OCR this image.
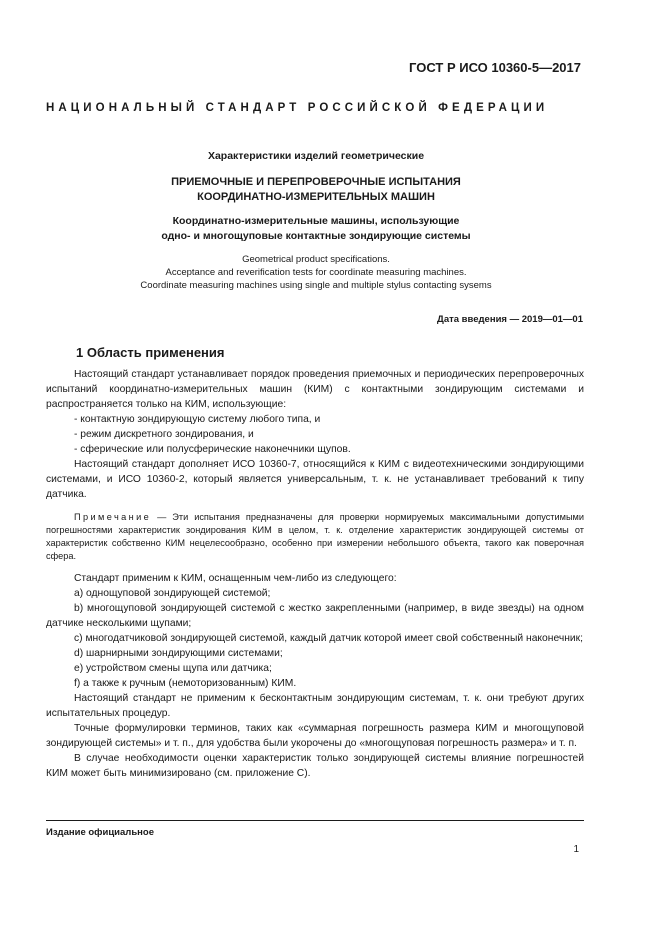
ГОСТ Р ИСО 10360-5—2017
НАЦИОНАЛЬНЫЙ СТАНДАРТ РОССИЙСКОЙ ФЕДЕРАЦИИ
Характеристики изделий геометрические
ПРИЕМОЧНЫЕ И ПЕРЕПРОВЕРОЧНЫЕ ИСПЫТАНИЯ
КООРДИНАТНО-ИЗМЕРИТЕЛЬНЫХ МАШИН
Координатно-измерительные машины, использующие
одно- и многощуповые контактные зондирующие системы
Geometrical product specifications.
Acceptance and reverification tests for coordinate measuring machines.
Coordinate measuring machines using single and multiple stylus contacting sysems
Дата введения — 2019—01—01
1 Область применения

Настоящий стандарт устанавливает порядок проведения приемочных и периодических перепроверочных испытаний координатно-измерительных машин (КИМ) с контактными зондирующим системами и распространяется только на КИМ, использующие:

- контактную зондирующую систему любого типа, и

- режим дискретного зондирования, и

- сферические или полусферические наконечники щупов.

Настоящий стандарт дополняет ИСО 10360-7, относящийся к КИМ с видеотехническими зондирующими системами, и ИСО 10360-2, который является универсальным, т. к. не устанавливает требований к типу датчика.

Примечание — Эти испытания предназначены для проверки нормируемых максимальными допустимыми погрешностями характеристик зондирования КИМ в целом, т. к. отделение характеристик зондирующей системы от характеристик собственно КИМ нецелесообразно, особенно при измерении небольшого объекта, такого как поверочная сфера.

Стандарт применим к КИМ, оснащенным чем-либо из следующего:

a) однощуповой зондирующей системой;

b) многощуповой зондирующей системой с жестко закрепленными (например, в виде звезды) на одном датчике несколькими щупами;

c) многодатчиковой зондирующей системой, каждый датчик которой имеет свой собственный наконечник;

d) шарнирными зондирующими системами;

e) устройством смены щупа или датчика;

f) а также к ручным (немоторизованным) КИМ.

Настоящий стандарт не применим к бесконтактным зондирующим системам, т. к. они требуют других испытательных процедур.

Точные формулировки терминов, таких как «суммарная погрешность размера КИМ и многощуповой зондирующей системы» и т. п., для удобства были укорочены до «многощуповая погрешность размера» и т. п.

В случае необходимости оценки характеристик только зондирующей системы влияние погрешностей КИМ может быть минимизировано (см. приложение С).

Издание официальное
1
